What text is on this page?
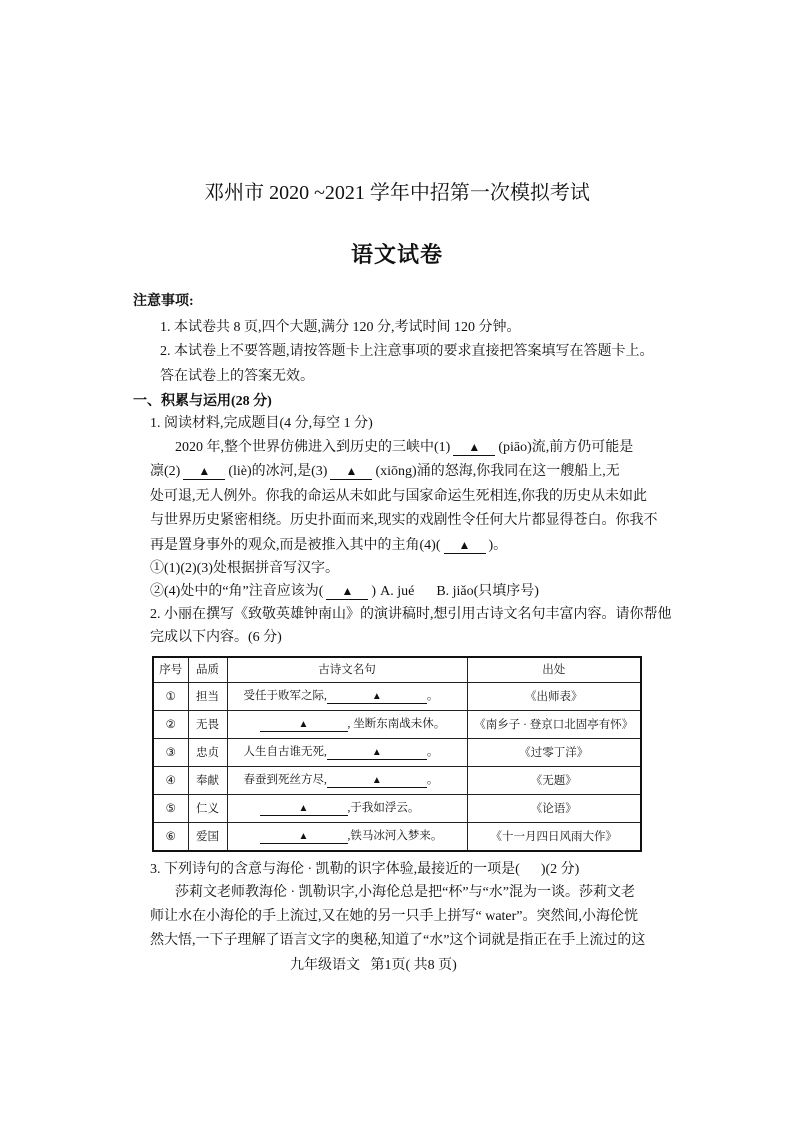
邓州市 2020 ~2021 学年中招第一次模拟考试
语文试卷
注意事项:
1. 本试卷共 8 页,四个大题,满分 120 分,考试时间 120 分钟。
2. 本试卷上不要答题,请按答题卡上注意事项的要求直接把答案填写在答题卡上。
答在试卷上的答案无效。
一、积累与运用(28 分)
1. 阅读材料,完成题目(4 分,每空 1 分)
2020 年,整个世界仿佛进入到历史的三峡中(1) ▲ (piāo)流,前方仍可能是
凛(2) ▲ (liè)的冰河,是(3) ▲ (xiōng)涌的怒海,你我同在这一艘船上,无
处可退,无人例外。你我的命运从未如此与国家命运生死相连,你我的历史从未如此
与世界历史紧密相绕。历史扑面而来,现实的戏剧性令任何大片都显得苍白。你我不
再是置身事外的观众,而是被推入其中的主角(4)( ▲ )。
①(1)(2)(3)处根据拼音写汉字。
②(4)处中的“角”注音应该为( ▲ ) A. jué B. jiǎo(只填序号)
2. 小丽在撰写《致敬英雄钟南山》的演讲稿时,想引用古诗文名句丰富内容。请你帮他
完成以下内容。(6 分)
序号	品质	古诗文名句	出处
①	担当	受任于败军之际, ▲ 。	《出师表》
②	无畏	▲ , 坐断东南战未休。	《南乡子 · 登京口北固亭有怀》
③	忠贞	人生自古谁无死, ▲ 。	《过零丁洋》
④	奉献	春蚕到死丝方尽, ▲ 。	《无题》
⑤	仁义	▲ ,于我如浮云。	《论语》
⑥	爱国	▲ ,铁马冰河入梦来。	《十一月四日风雨大作》
3. 下列诗句的含意与海伦 · 凯勒的识字体验,最接近的一项是(      )(2 分)
莎莉文老师教海伦 · 凯勒识字,小海伦总是把“杯”与“水”混为一谈。莎莉文老
师让水在小海伦的手上流过,又在她的另一只手上拼写“ water”。突然间,小海伦恍
然大悟,一下子理解了语言文字的奥秘,知道了“水”这个词就是指正在手上流过的这
九年级语文   第1页( 共8 页)
